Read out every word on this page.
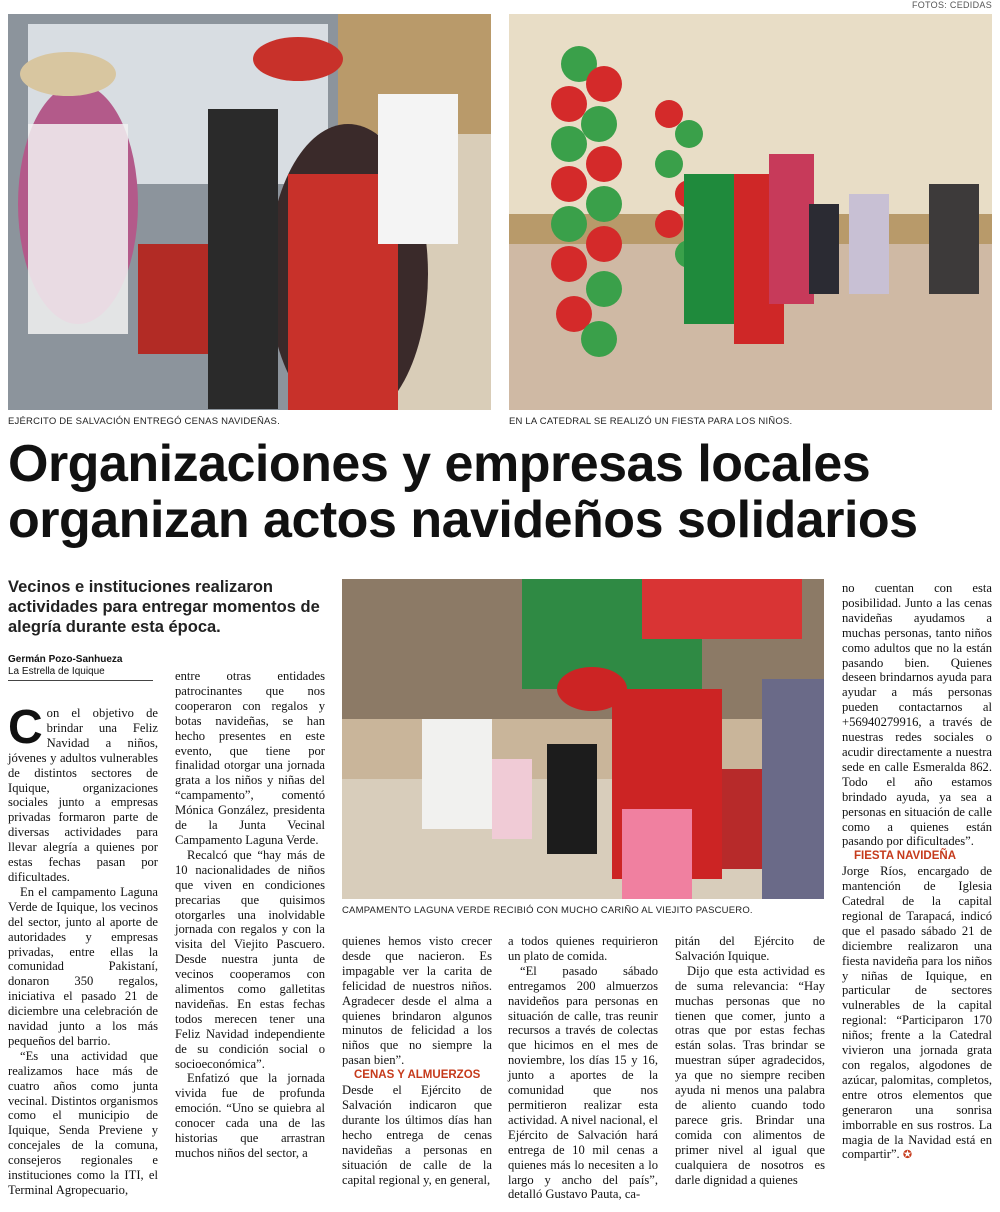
FOTOS: CEDIDAS
EJÉRCITO DE SALVACIÓN ENTREGÓ CENAS NAVIDEÑAS.	EN LA CATEDRAL SE REALIZÓ UN FIESTA PARA LOS NIÑOS.
Organizaciones y empresas locales organizan actos navideños solidarios

Vecinos e instituciones realizaron actividades para entregar momentos de alegría durante esta época.

Germán Pozo-Sanhueza
La Estrella de Iquique
CAMPAMENTO LAGUNA VERDE RECIBIÓ CON MUCHO CARIÑO AL VIEJITO PASCUERO.

Con el objetivo de brindar una Feliz Navidad a niños, jóvenes y adultos vulnerables de distintos sectores de Iquique, organizaciones sociales junto a empresas privadas formaron parte de diversas actividades para llevar alegría a quienes por estas fechas pasan por dificultades.

En el campamento Laguna Verde de Iquique, los vecinos del sector, junto al aporte de autoridades y empresas privadas, entre ellas la comunidad Pakistaní, donaron 350 regalos, iniciativa el pasado 21 de diciembre una celebración de navidad junto a los más pequeños del barrio.

“Es una actividad que realizamos hace más de cuatro años como junta vecinal. Distintos organismos como el municipio de Iquique, Senda Previene y concejales de la comuna, consejeros regionales e instituciones como la ITI, el Terminal Agropecuario,

entre otras entidades patrocinantes que nos cooperaron con regalos y botas navideñas, se han hecho presentes en este evento, que tiene por finalidad otorgar una jornada grata a los niños y niñas del “campamento”, comentó Mónica González, presidenta de la Junta Vecinal Campamento Laguna Verde.

Recalcó que “hay más de 10 nacionalidades de niños que viven en condiciones precarias que quisimos otorgarles una inolvidable jornada con regalos y con la visita del Viejito Pascuero. Desde nuestra junta de vecinos cooperamos con alimentos como galletitas navideñas. En estas fechas todos merecen tener una Feliz Navidad independiente de su condición social o socioeconómica”.

Enfatizó que la jornada vivida fue de profunda emoción. “Uno se quiebra al conocer cada una de las historias que arrastran muchos niños del sector, a

quienes hemos visto crecer desde que nacieron. Es impagable ver la carita de felicidad de nuestros niños. Agradecer desde el alma a quienes brindaron algunos minutos de felicidad a los niños que no siempre la pasan bien”.

CENAS Y ALMUERZOS

Desde el Ejército de Salvación indicaron que durante los últimos días han hecho entrega de cenas navideñas a personas en situación de calle de la capital regional y, en general,

a todos quienes requirieron un plato de comida.

“El pasado sábado entregamos 200 almuerzos navideños para personas en situación de calle, tras reunir recursos a través de colectas que hicimos en el mes de noviembre, los días 15 y 16, junto a aportes de la comunidad que nos permitieron realizar esta actividad. A nivel nacional, el Ejército de Salvación hará entrega de 10 mil cenas a quienes más lo necesiten a lo largo y ancho del país”, detalló Gustavo Pauta, ca-

pitán del Ejército de Salvación Iquique.

Dijo que esta actividad es de suma relevancia: “Hay muchas personas que no tienen que comer, junto a otras que por estas fechas están solas. Tras brindar se muestran súper agradecidos, ya que no siempre reciben ayuda ni menos una palabra de aliento cuando todo parece gris. Brindar una comida con alimentos de primer nivel al igual que cualquiera de nosotros es darle dignidad a quienes

no cuentan con esta posibilidad. Junto a las cenas navideñas ayudamos a muchas personas, tanto niños como adultos que no la están pasando bien. Quienes deseen brindarnos ayuda para ayudar a más personas pueden contactarnos al +56940279916, a través de nuestras redes sociales o acudir directamente a nuestra sede en calle Esmeralda 862. Todo el año estamos brindado ayuda, ya sea a personas en situación de calle como a quienes están pasando por dificultades”.

FIESTA NAVIDEÑA

Jorge Ríos, encargado de mantención de Iglesia Catedral de la capital regional de Tarapacá, indicó que el pasado sábado 21 de diciembre realizaron una fiesta navideña para los niños y niñas de Iquique, en particular de sectores vulnerables de la capital regional: “Participaron 170 niños; frente a la Catedral vivieron una jornada grata con regalos, algodones de azúcar, palomitas, completos, entre otros elementos que generaron una sonrisa imborrable en sus rostros. La magia de la Navidad está en compartir”. ✪
